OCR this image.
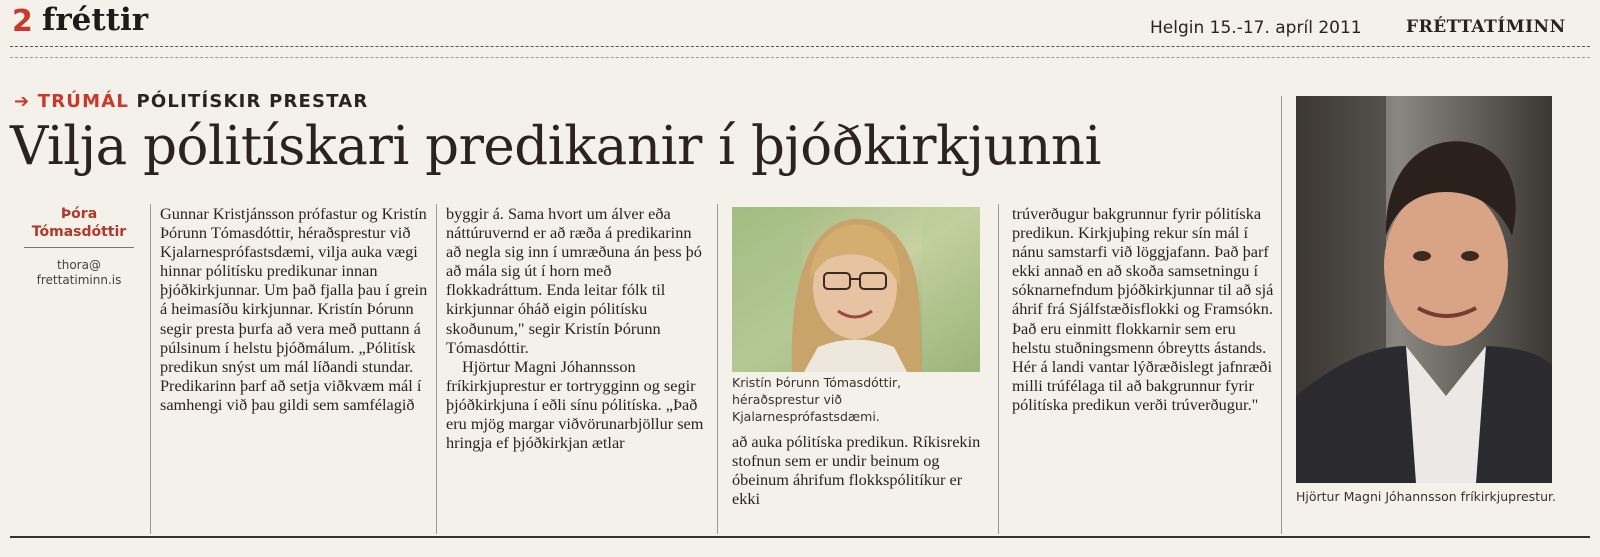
2 fréttir	Helgin 15.-17. apríl 2011	FRÉTTATÍMINN
➔ TRÚMÁL PÓLITÍSKIR PRESTAR
Vilja pólitískari predikanir í þjóðkirkjunni
Þóra
Tómasdóttir
thora@
frettatiminn.is

Gunnar Kristjánsson prófastur og Kristín Þórunn Tómasdóttir, héraðsprestur við Kjalarnesprófastsdæmi, vilja auka vægi hinnar pólitísku predikunar innan þjóðkirkjunnar. Um það fjalla þau í grein á heimasíðu kirkjunnar. Kristín Þórunn segir presta þurfa að vera með puttann á púlsinum í helstu þjóðmálum. „Pólitísk predikun snýst um mál líðandi stundar. Predikarinn þarf að setja viðkvæm mál í samhengi við þau gildi sem samfélagið

byggir á. Sama hvort um álver eða náttúruvernd er að ræða á predikarinn að negla sig inn í umræðuna án þess þó að mála sig út í horn með flokkadráttum. Enda leitar fólk til kirkjunnar óháð eigin pólitísku skoðunum," segir Kristín Þórunn Tómasdóttir.

Hjörtur Magni Jóhannsson fríkirkjuprestur er tortrygginn og segir þjóðkirkjuna í eðli sínu pólitíska. „Það eru mjög margar viðvörunarbjöllur sem hringja ef þjóðkirkjan ætlar	að auka pólitíska predikun. Ríkisrekin stofnun sem er undir beinum og óbeinum áhrifum flokkspólitíkur er ekki

trúverðugur bakgrunnur fyrir pólitíska predikun. Kirkjuþing rekur sín mál í nánu samstarfi við löggjafann. Það þarf ekki annað en að skoða samsetningu í sóknarnefndum þjóðkirkjunnar til að sjá áhrif frá Sjálfstæðisflokki og Framsókn. Það eru einmitt flokkarnir sem eru helstu stuðningsmenn óbreytts ástands. Hér á landi vantar lýðræðislegt jafnræði milli trúfélaga til að bakgrunnur fyrir pólitíska predikun verði trúverðugur."

Kristín Þórunn Tómasdóttir, héraðsprestur við Kjalarnesprófastsdæmi.
Hjörtur Magni Jóhannsson fríkirkjuprestur.
